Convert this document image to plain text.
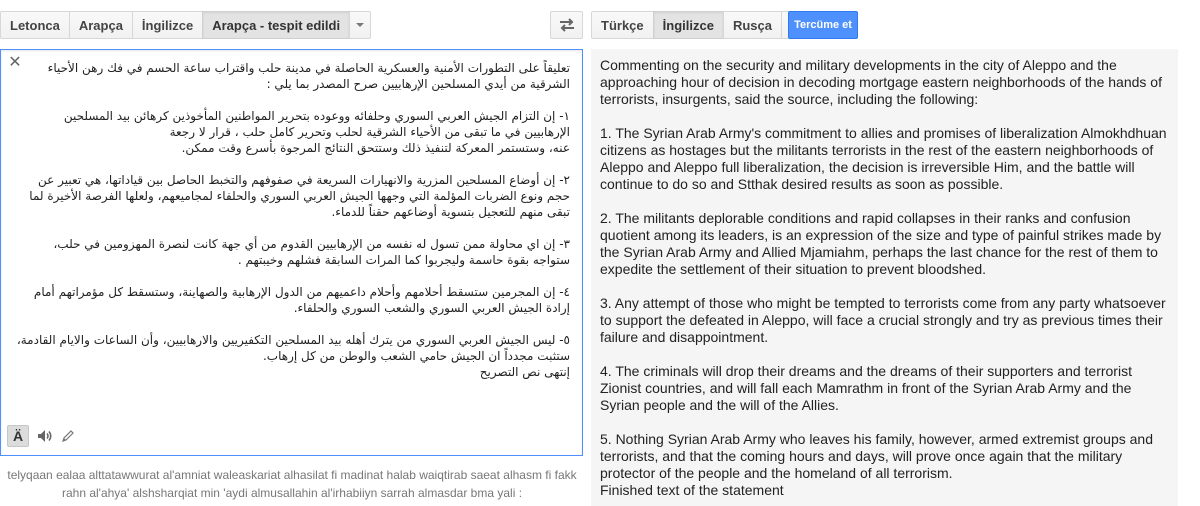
Letonca	Arapça	İngilizce	Arapça - tespit edildi	Türkçe	İngilizce	Rusça	Tercüme et
✕	تعليقاً على التطورات الأمنية والعسكرية الحاصلة في مدينة حلب واقتراب ساعة الحسم في فك رهن الأحياء الشرقية من أيدي المسلحين الإرهابيين صرح المصدر بما يلي :

١- إن التزام الجيش العربي السوري وحلفائه ووعوده بتحرير المواطنين المأخوذين كرهائن بيد المسلحين الإرهابيين في ما تبقى من الأحياء الشرقية لحلب وتحرير كامل حلب ، قرار لا رجعة
عنه، وستستمر المعركة لتنفيذ ذلك وستتحق النتائج المرجوة بأسرع وقت ممكن.

٢- إن أوضاع المسلحين المزرية والانهيارات السريعة في صفوفهم والتخبط الحاصل بين قياداتها، هي تعبير عن حجم ونوع الضربات المؤلمة التي وجهها الجيش العربي السوري والحلفاء لمجاميعهم، ولعلها الفرصة الأخيرة لما تبقى منهم للتعجيل بتسوية أوضاعهم حقناً للدماء.

٣- إن اي محاولة ممن تسول له نفسه من الإرهابيين القدوم من أي جهة كانت لنصرة المهزومين في حلب، ستواجه بقوة حاسمة وليجربوا كما المرات السابقة فشلهم وخيبتهم .

٤- إن المجرمين ستسقط أحلامهم وأحلام داعميهم من الدول الإرهابية والصهاينة، وستسقط كل مؤمراتهم أمام إرادة الجيش العربي السوري والشعب السوري والحلفاء.

٥- ليس الجيش العربي السوري من يترك أهله بيد المسلحين التكفيريين والارهابيين، وأن الساعات والايام القادمة، ستثبت مجدداً ان الجيش حامي الشعب والوطن من كل إرهاب.
إنتهى نص التصريح

Ä
telyqaan ealaa alttatawwurat al'amniat waleaskariat alhasilat fi madinat halab waiqtirab saeat alhasm fi fakk rahn al'ahya' alshsharqiat min 'aydi almusallahin al'irhabiiyn sarrah almasdar bma yali :

Commenting on the security and military developments in the city of Aleppo and the approaching hour of decision in decoding mortgage eastern neighborhoods of the hands of terrorists, insurgents, said the source, including the following:

1. The Syrian Arab Army's commitment to allies and promises of liberalization Almokhdhuan citizens as hostages but the militants terrorists in the rest of the eastern neighborhoods of Aleppo and Aleppo full liberalization, the decision is irreversible Him, and the battle will continue to do so and Stthak desired results as soon as possible.

2. The militants deplorable conditions and rapid collapses in their ranks and confusion quotient among its leaders, is an expression of the size and type of painful strikes made by the Syrian Arab Army and Allied Mjamiahm, perhaps the last chance for the rest of them to expedite the settlement of their situation to prevent bloodshed.

3. Any attempt of those who might be tempted to terrorists come from any party whatsoever to support the defeated in Aleppo, will face a crucial strongly and try as previous times their failure and disappointment.

4. The criminals will drop their dreams and the dreams of their supporters and terrorist Zionist countries, and will fall each Mamrathm in front of the Syrian Arab Army and the Syrian people and the will of the Allies.

5. Nothing Syrian Arab Army who leaves his family, however, armed extremist groups and terrorists, and that the coming hours and days, will prove once again that the military protector of the people and the homeland of all terrorism.
Finished text of the statement
